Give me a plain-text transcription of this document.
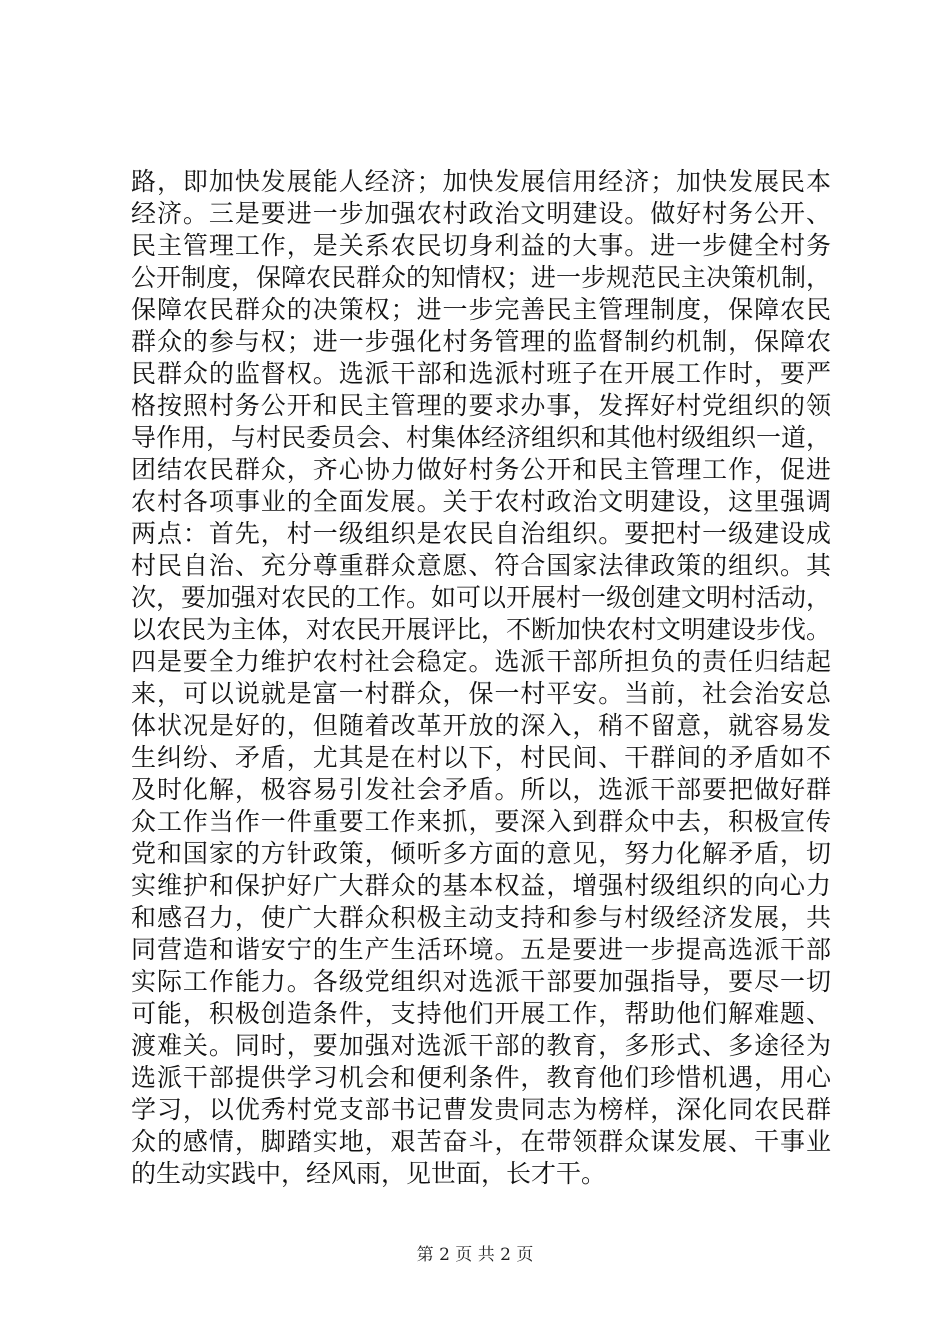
路，即加快发展能人经济；加快发展信用经济；加快发展民本
经济。三是要进一步加强农村政治文明建设。做好村务公开、
民主管理工作，是关系农民切身利益的大事。进一步健全村务
公开制度，保障农民群众的知情权；进一步规范民主决策机制，
保障农民群众的决策权；进一步完善民主管理制度，保障农民
群众的参与权；进一步强化村务管理的监督制约机制，保障农
民群众的监督权。选派干部和选派村班子在开展工作时，要严
格按照村务公开和民主管理的要求办事，发挥好村党组织的领
导作用，与村民委员会、村集体经济组织和其他村级组织一道，
团结农民群众，齐心协力做好村务公开和民主管理工作，促进
农村各项事业的全面发展。关于农村政治文明建设，这里强调
两点：首先，村一级组织是农民自治组织。要把村一级建设成
村民自治、充分尊重群众意愿、符合国家法律政策的组织。其
次，要加强对农民的工作。如可以开展村一级创建文明村活动，
以农民为主体，对农民开展评比，不断加快农村文明建设步伐。
四是要全力维护农村社会稳定。选派干部所担负的责任归结起
来，可以说就是富一村群众，保一村平安。当前，社会治安总
体状况是好的，但随着改革开放的深入，稍不留意，就容易发
生纠纷、矛盾，尤其是在村以下，村民间、干群间的矛盾如不
及时化解，极容易引发社会矛盾。所以，选派干部要把做好群
众工作当作一件重要工作来抓，要深入到群众中去，积极宣传
党和国家的方针政策，倾听多方面的意见，努力化解矛盾，切
实维护和保护好广大群众的基本权益，增强村级组织的向心力
和感召力，使广大群众积极主动支持和参与村级经济发展，共
同营造和谐安宁的生产生活环境。五是要进一步提高选派干部
实际工作能力。各级党组织对选派干部要加强指导，要尽一切
可能，积极创造条件，支持他们开展工作，帮助他们解难题、
渡难关。同时，要加强对选派干部的教育，多形式、多途径为
选派干部提供学习机会和便利条件，教育他们珍惜机遇，用心
学习，以优秀村党支部书记曹发贵同志为榜样，深化同农民群
众的感情，脚踏实地，艰苦奋斗，在带领群众谋发展、干事业
的生动实践中，经风雨，见世面，长才干。
第 2 页 共 2 页
